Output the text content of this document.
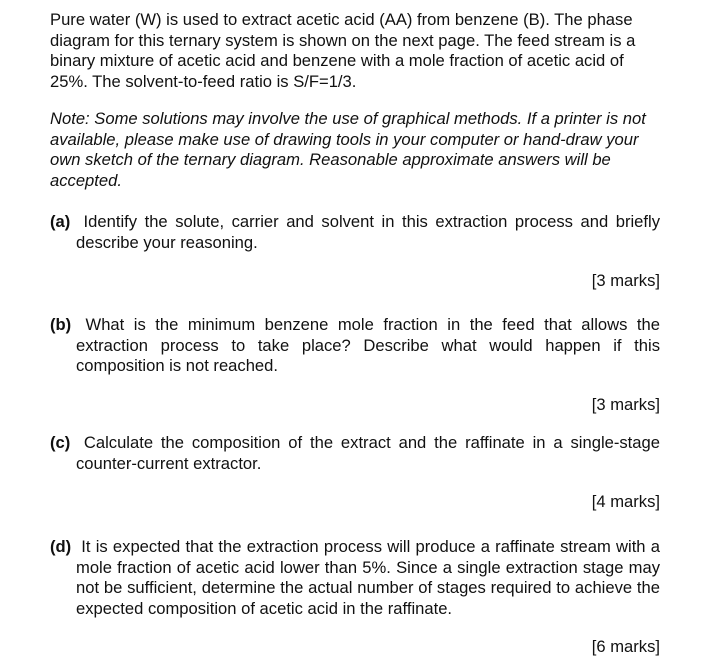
Pure water (W) is used to extract acetic acid (AA) from benzene (B). The phase diagram for this ternary system is shown on the next page. The feed stream is a binary mixture of acetic acid and benzene with a mole fraction of acetic acid of 25%. The solvent-to-feed ratio is S/F=1/3.

Note: Some solutions may involve the use of graphical methods. If a printer is not available, please make use of drawing tools in your computer or hand-draw your own sketch of the ternary diagram. Reasonable approximate answers will be accepted.

(a) Identify the solute, carrier and solvent in this extraction process and briefly describe your reasoning.
[3 marks]
(b) What is the minimum benzene mole fraction in the feed that allows the extraction process to take place? Describe what would happen if this composition is not reached.
[3 marks]
(c) Calculate the composition of the extract and the raffinate in a single-stage counter-current extractor.
[4 marks]
(d) It is expected that the extraction process will produce a raffinate stream with a mole fraction of acetic acid lower than 5%. Since a single extraction stage may not be sufficient, determine the actual number of stages required to achieve the expected composition of acetic acid in the raffinate.
[6 marks]
